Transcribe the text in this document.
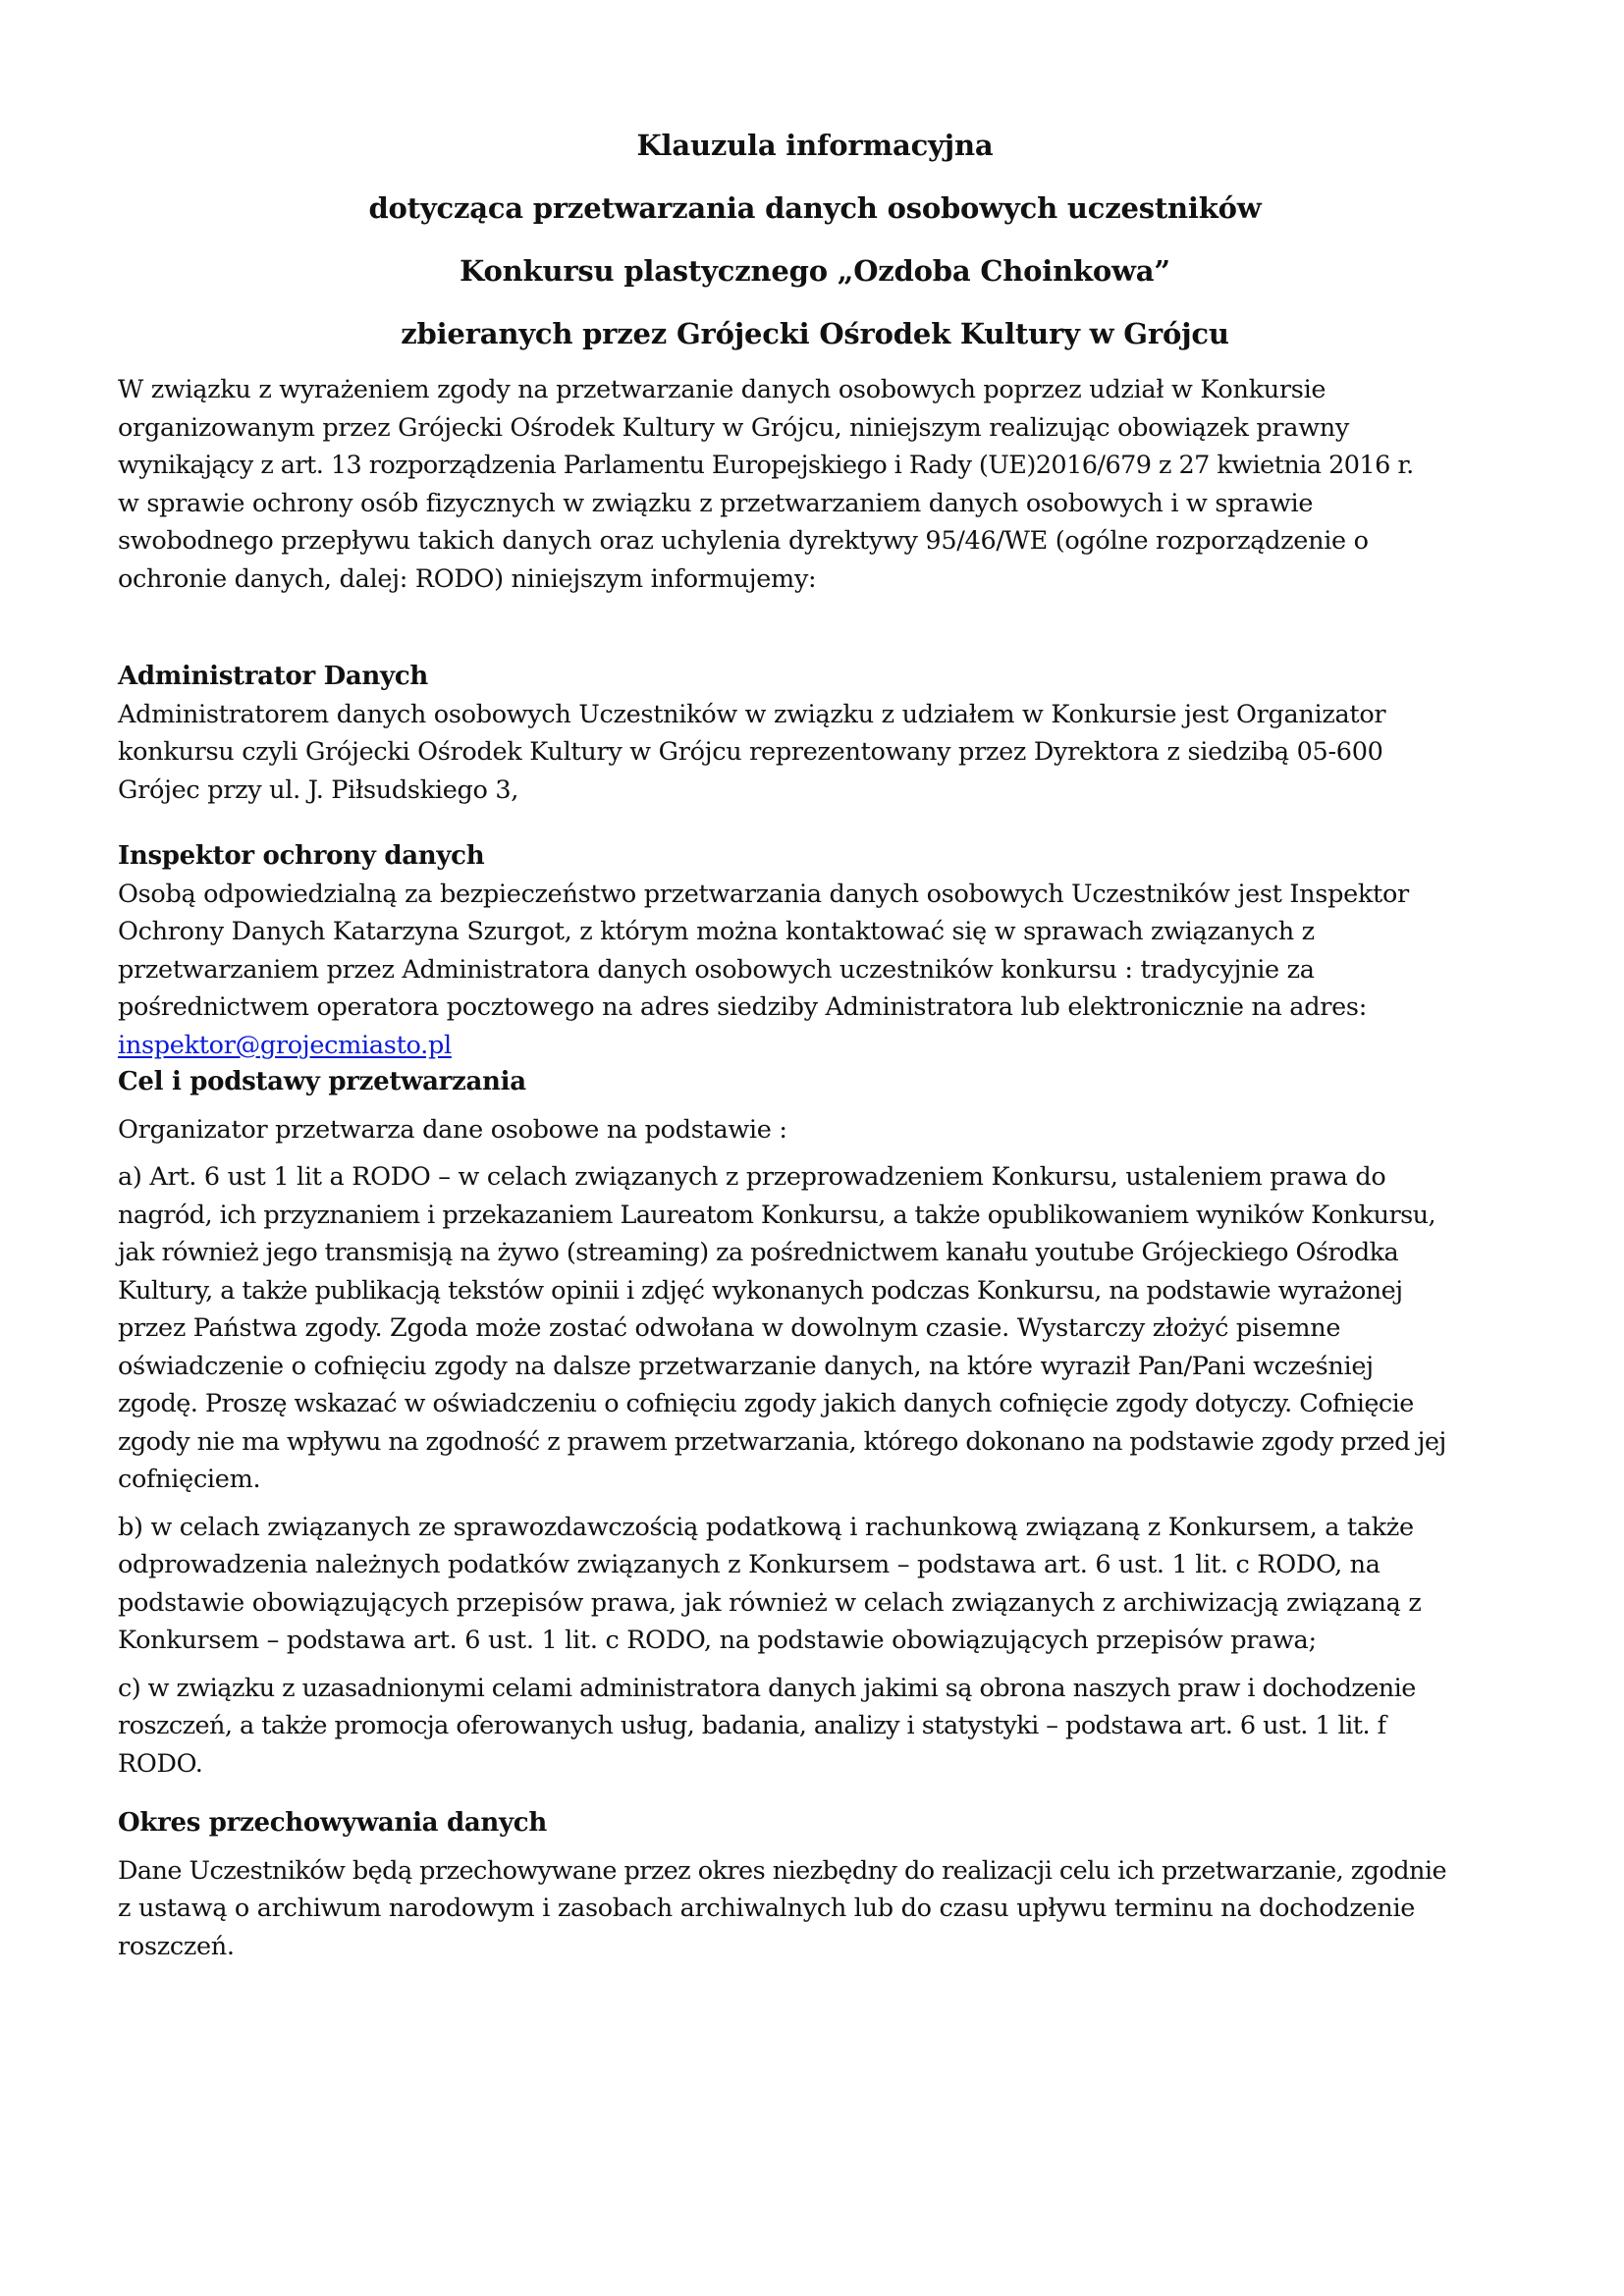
Klauzula informacyjna
dotycząca przetwarzania danych osobowych uczestników
Konkursu plastycznego „Ozdoba Choinkowa”
zbieranych przez Grójecki Ośrodek Kultury w Grójcu
W związku z wyrażeniem zgody na przetwarzanie danych osobowych poprzez udział w Konkursie
organizowanym przez Grójecki Ośrodek Kultury w Grójcu, niniejszym realizując obowiązek prawny
wynikający z art. 13 rozporządzenia Parlamentu Europejskiego i Rady (UE)2016/679 z 27 kwietnia 2016 r.
w sprawie ochrony osób fizycznych w związku z przetwarzaniem danych osobowych i w sprawie
swobodnego przepływu takich danych oraz uchylenia dyrektywy 95/46/WE (ogólne rozporządzenie o
ochronie danych, dalej: RODO) niniejszym informujemy:
Administrator Danych
Administratorem danych osobowych Uczestników w związku z udziałem w Konkursie jest Organizator
konkursu czyli Grójecki Ośrodek Kultury w Grójcu reprezentowany przez Dyrektora z siedzibą 05-600
Grójec przy ul. J. Piłsudskiego 3,
Inspektor ochrony danych
Osobą odpowiedzialną za bezpieczeństwo przetwarzania danych osobowych Uczestników jest Inspektor
Ochrony Danych Katarzyna Szurgot, z którym można kontaktować się w sprawach związanych z
przetwarzaniem przez Administratora danych osobowych uczestników konkursu : tradycyjnie za
pośrednictwem operatora pocztowego na adres siedziby Administratora lub elektronicznie na adres:
inspektor@grojecmiasto.pl
Cel i podstawy przetwarzania
Organizator przetwarza dane osobowe na podstawie :
a) Art. 6 ust 1 lit a RODO – w celach związanych z przeprowadzeniem Konkursu, ustaleniem prawa do
nagród, ich przyznaniem i przekazaniem Laureatom Konkursu, a także opublikowaniem wyników Konkursu,
jak również jego transmisją na żywo (streaming) za pośrednictwem kanału youtube Grójeckiego Ośrodka
Kultury, a także publikacją tekstów opinii i zdjęć wykonanych podczas Konkursu, na podstawie wyrażonej
przez Państwa zgody. Zgoda może zostać odwołana w dowolnym czasie. Wystarczy złożyć pisemne
oświadczenie o cofnięciu zgody na dalsze przetwarzanie danych, na które wyraził Pan/Pani wcześniej
zgodę. Proszę wskazać w oświadczeniu o cofnięciu zgody jakich danych cofnięcie zgody dotyczy. Cofnięcie
zgody nie ma wpływu na zgodność z prawem przetwarzania, którego dokonano na podstawie zgody przed jej
cofnięciem.
b) w celach związanych ze sprawozdawczością podatkową i rachunkową związaną z Konkursem, a także
odprowadzenia należnych podatków związanych z Konkursem – podstawa art. 6 ust. 1 lit. c RODO, na
podstawie obowiązujących przepisów prawa, jak również w celach związanych z archiwizacją związaną z
Konkursem – podstawa art. 6 ust. 1 lit. c RODO, na podstawie obowiązujących przepisów prawa;
c) w związku z uzasadnionymi celami administratora danych jakimi są obrona naszych praw i dochodzenie
roszczeń, a także promocja oferowanych usług, badania, analizy i statystyki – podstawa art. 6 ust. 1 lit. f
RODO.
Okres przechowywania danych
Dane Uczestników będą przechowywane przez okres niezbędny do realizacji celu ich przetwarzanie, zgodnie
z ustawą o archiwum narodowym i zasobach archiwalnych lub do czasu upływu terminu na dochodzenie
roszczeń.
